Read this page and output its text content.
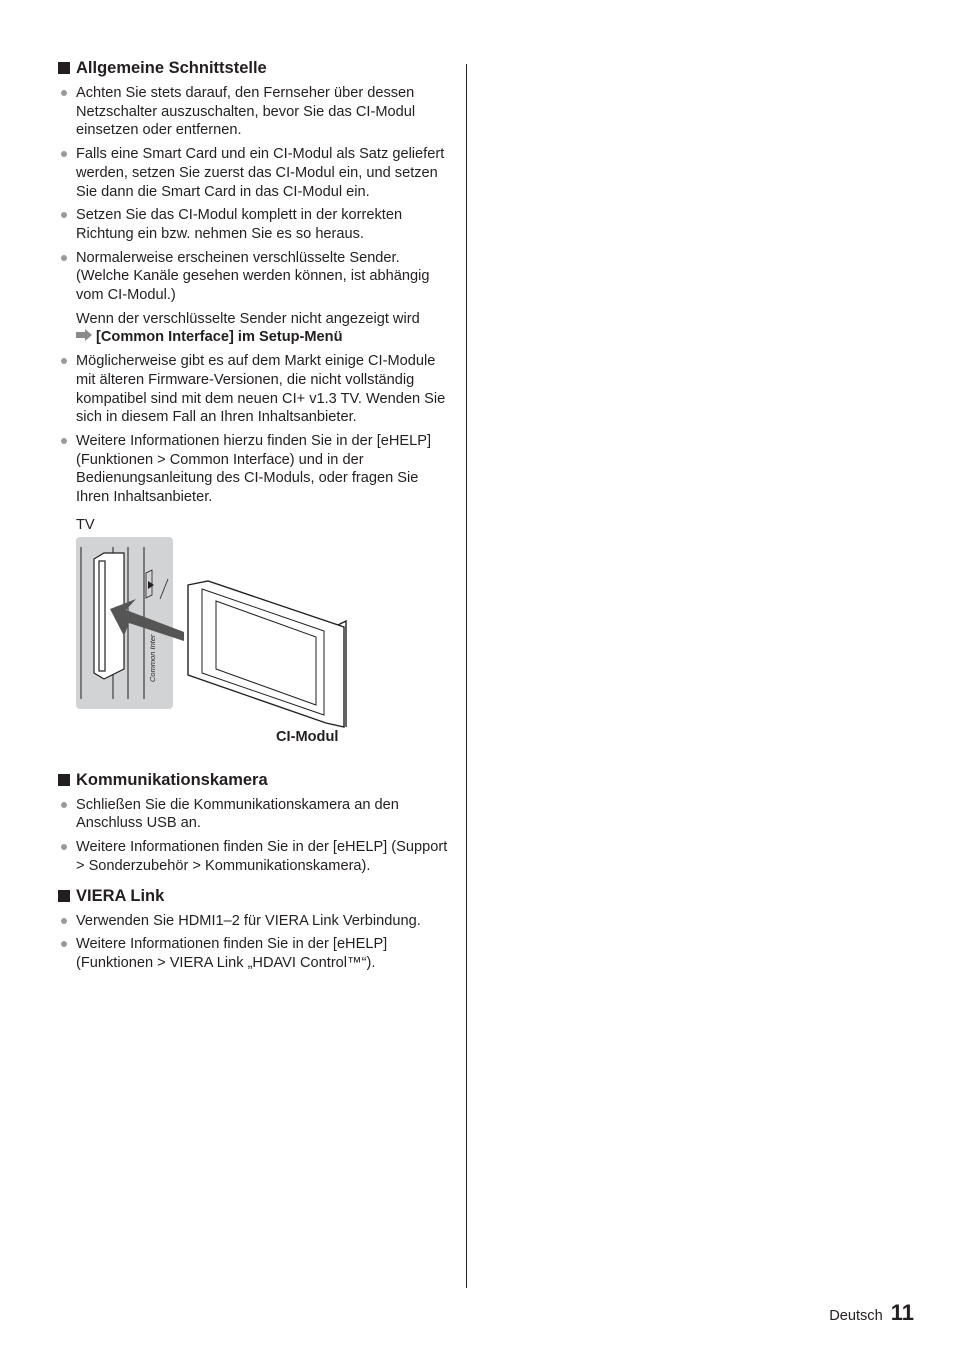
Allgemeine Schnittstelle
Achten Sie stets darauf, den Fernseher über dessen Netzschalter auszuschalten, bevor Sie das CI-Modul einsetzen oder entfernen.
Falls eine Smart Card und ein CI-Modul als Satz geliefert werden, setzen Sie zuerst das CI-Modul ein, und setzen Sie dann die Smart Card in das CI-Modul ein.
Setzen Sie das CI-Modul komplett in der korrekten Richtung ein bzw. nehmen Sie es so heraus.
Normalerweise erscheinen verschlüsselte Sender. (Welche Kanäle gesehen werden können, ist abhängig vom CI-Modul.)
Wenn der verschlüsselte Sender nicht angezeigt wird
[Common Interface] im Setup-Menü
Möglicherweise gibt es auf dem Markt einige CI-Module mit älteren Firmware-Versionen, die nicht vollständig kompatibel sind mit dem neuen CI+ v1.3 TV. Wenden Sie sich in diesem Fall an Ihren Inhaltsanbieter.
Weitere Informationen hierzu finden Sie in der [eHELP] (Funktionen > Common Interface) und in der Bedienungsanleitung des CI-Moduls, oder fragen Sie Ihren Inhaltsanbieter.
TV
Common Inter
CI-Modul
Kommunikationskamera
Schließen Sie die Kommunikationskamera an den Anschluss USB an.
Weitere Informationen finden Sie in der [eHELP] (Support > Sonderzubehör > Kommunikationskamera).
VIERA Link
Verwenden Sie HDMI1–2 für VIERA Link Verbindung.
Weitere Informationen finden Sie in der [eHELP] (Funktionen > VIERA Link „HDAVI Control™“).
Deutsch 11
